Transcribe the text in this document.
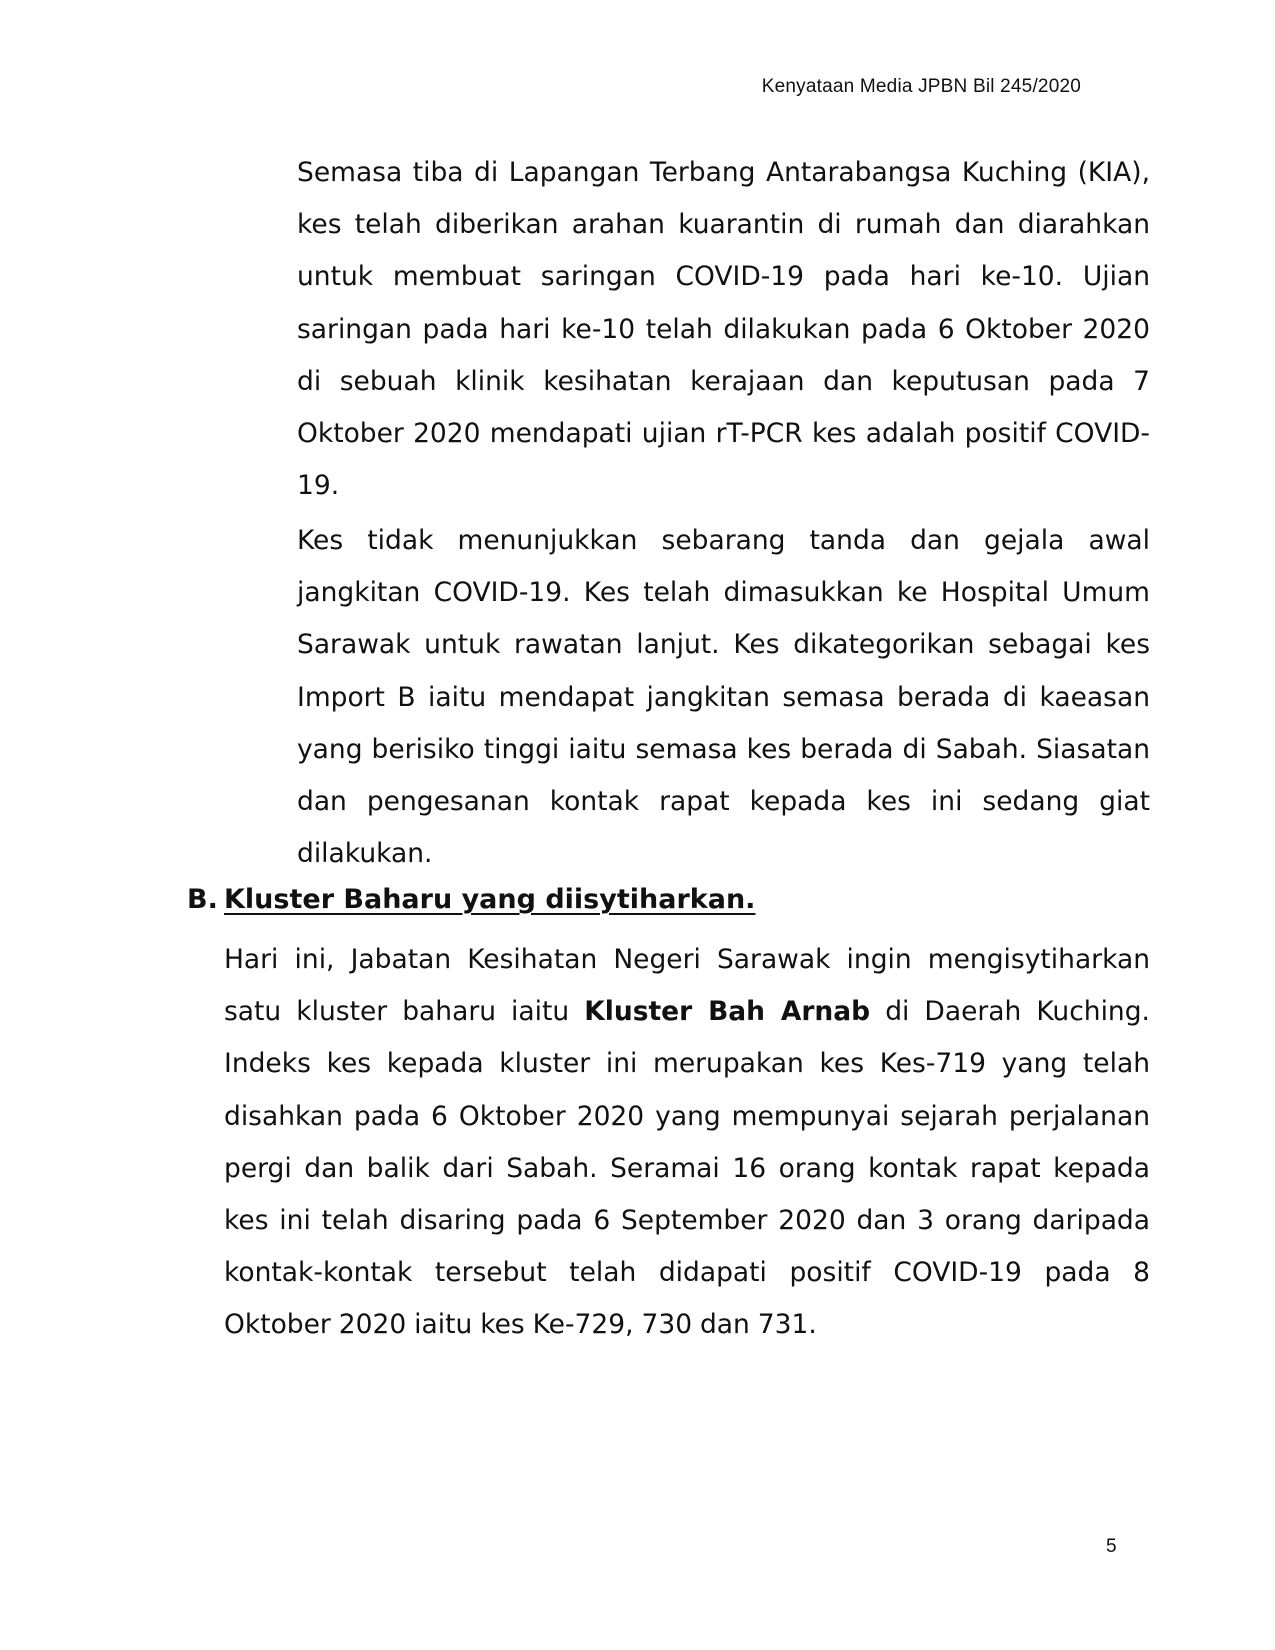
Kenyataan Media JPBN Bil 245/2020

Semasa tiba di Lapangan Terbang Antarabangsa Kuching (KIA), kes telah diberikan arahan kuarantin di rumah dan diarahkan untuk membuat saringan COVID-19 pada hari ke-10. Ujian saringan pada hari ke-10 telah dilakukan pada 6 Oktober 2020 di sebuah klinik kesihatan kerajaan dan keputusan pada 7 Oktober 2020 mendapati ujian rT-PCR kes adalah positif COVID-19.

Kes tidak menunjukkan sebarang tanda dan gejala awal jangkitan COVID-19. Kes telah dimasukkan ke Hospital Umum Sarawak untuk rawatan lanjut. Kes dikategorikan sebagai kes Import B iaitu mendapat jangkitan semasa berada di kaeasan yang berisiko tinggi iaitu semasa kes berada di Sabah. Siasatan dan pengesanan kontak rapat kepada kes ini sedang giat dilakukan.

B. Kluster Baharu yang diisytiharkan.

Hari ini, Jabatan Kesihatan Negeri Sarawak ingin mengisytiharkan satu kluster baharu iaitu Kluster Bah Arnab di Daerah Kuching. Indeks kes kepada kluster ini merupakan kes Kes-719 yang telah disahkan pada 6 Oktober 2020 yang mempunyai sejarah perjalanan pergi dan balik dari Sabah. Seramai 16 orang kontak rapat kepada kes ini telah disaring pada 6 September 2020 dan 3 orang daripada kontak-kontak tersebut telah didapati positif COVID-19 pada 8 Oktober 2020 iaitu kes Ke-729, 730 dan 731.

5
